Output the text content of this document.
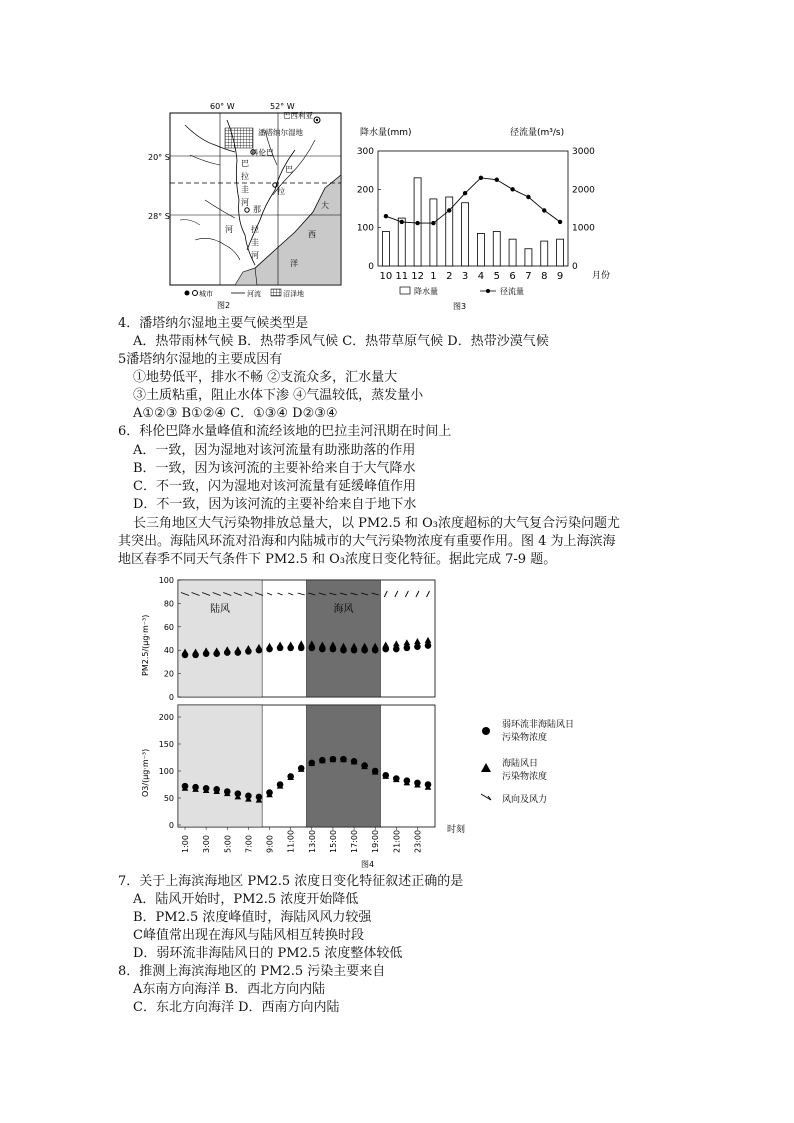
60° W	52° W
巴西利亚
潘塔纳尔湿地
科伦巴
巴
拉
圭
河
巴
拉
那
拉
圭
河
河
大
西
洋
20° S
28° S
城市	河流	沼泽地
图2
降水量(mm)	径流量(m³/s)
300
200
100
0
3000
2000
1000
0
10 11 12 1 2 3 4 5 6 7 8 9	月份
降水量	径流量
图3
4．潘塔纳尔湿地主要气候类型是
A．热带雨林气候 B．热带季风气候 C．热带草原气候 D．热带沙漠气候
5潘塔纳尔湿地的主要成因有
①地势低平，排水不畅 ②支流众多，汇水量大
③土质粘重，阻止水体下渗 ④气温较低，蒸发量小
A①②③ B①②④ C．①③④ D②③④
6．科伦巴降水量峰值和流经该地的巴拉圭河汛期在时间上
A．一致，因为湿地对该河流量有助涨助落的作用
B．一致，因为该河流的主要补给来自于大气降水
C．不一致，闪为湿地对该河流量有延缓峰值作用
D．不一致，因为该河流的主要补给来自于地下水
长三角地区大气污染物排放总量大，以 PM2.5 和 O₃浓度超标的大气复合污染问题尤
其突出。海陆风环流对沿海和内陆城市的大气污染物浓度有重要作用。图 4 为上海滨海
地区春季不同天气条件下 PM2.5 和 O₃浓度日变化特征。据此完成 7-9 题。
PM2.5/(μg·m⁻³)
O3/(μg·m⁻³)
陆风	海风
100
80
60
40
20
0
200
150
100
50
0
1:00 3:00 5:00 7:00 9:00 11:00 13:00 15:00 17:00 19:00 21:00 23:00
弱环流非海陆风日
污染物浓度
海陆风日
污染物浓度
风向及风力
时刻
图4
7．关于上海滨海地区 PM2.5 浓度日变化特征叙述正确的是
A．陆风开始时，PM2.5 浓度开始降低
B．PM2.5 浓度峰值时，海陆风风力较强
C峰值常出现在海风与陆风相互转换时段
D．弱环流非海陆风日的 PM2.5 浓度整体较低
8．推测上海滨海地区的 PM2.5 污染主要来自
A东南方向海洋 B．西北方向内陆
C．东北方向海洋 D．西南方向内陆
